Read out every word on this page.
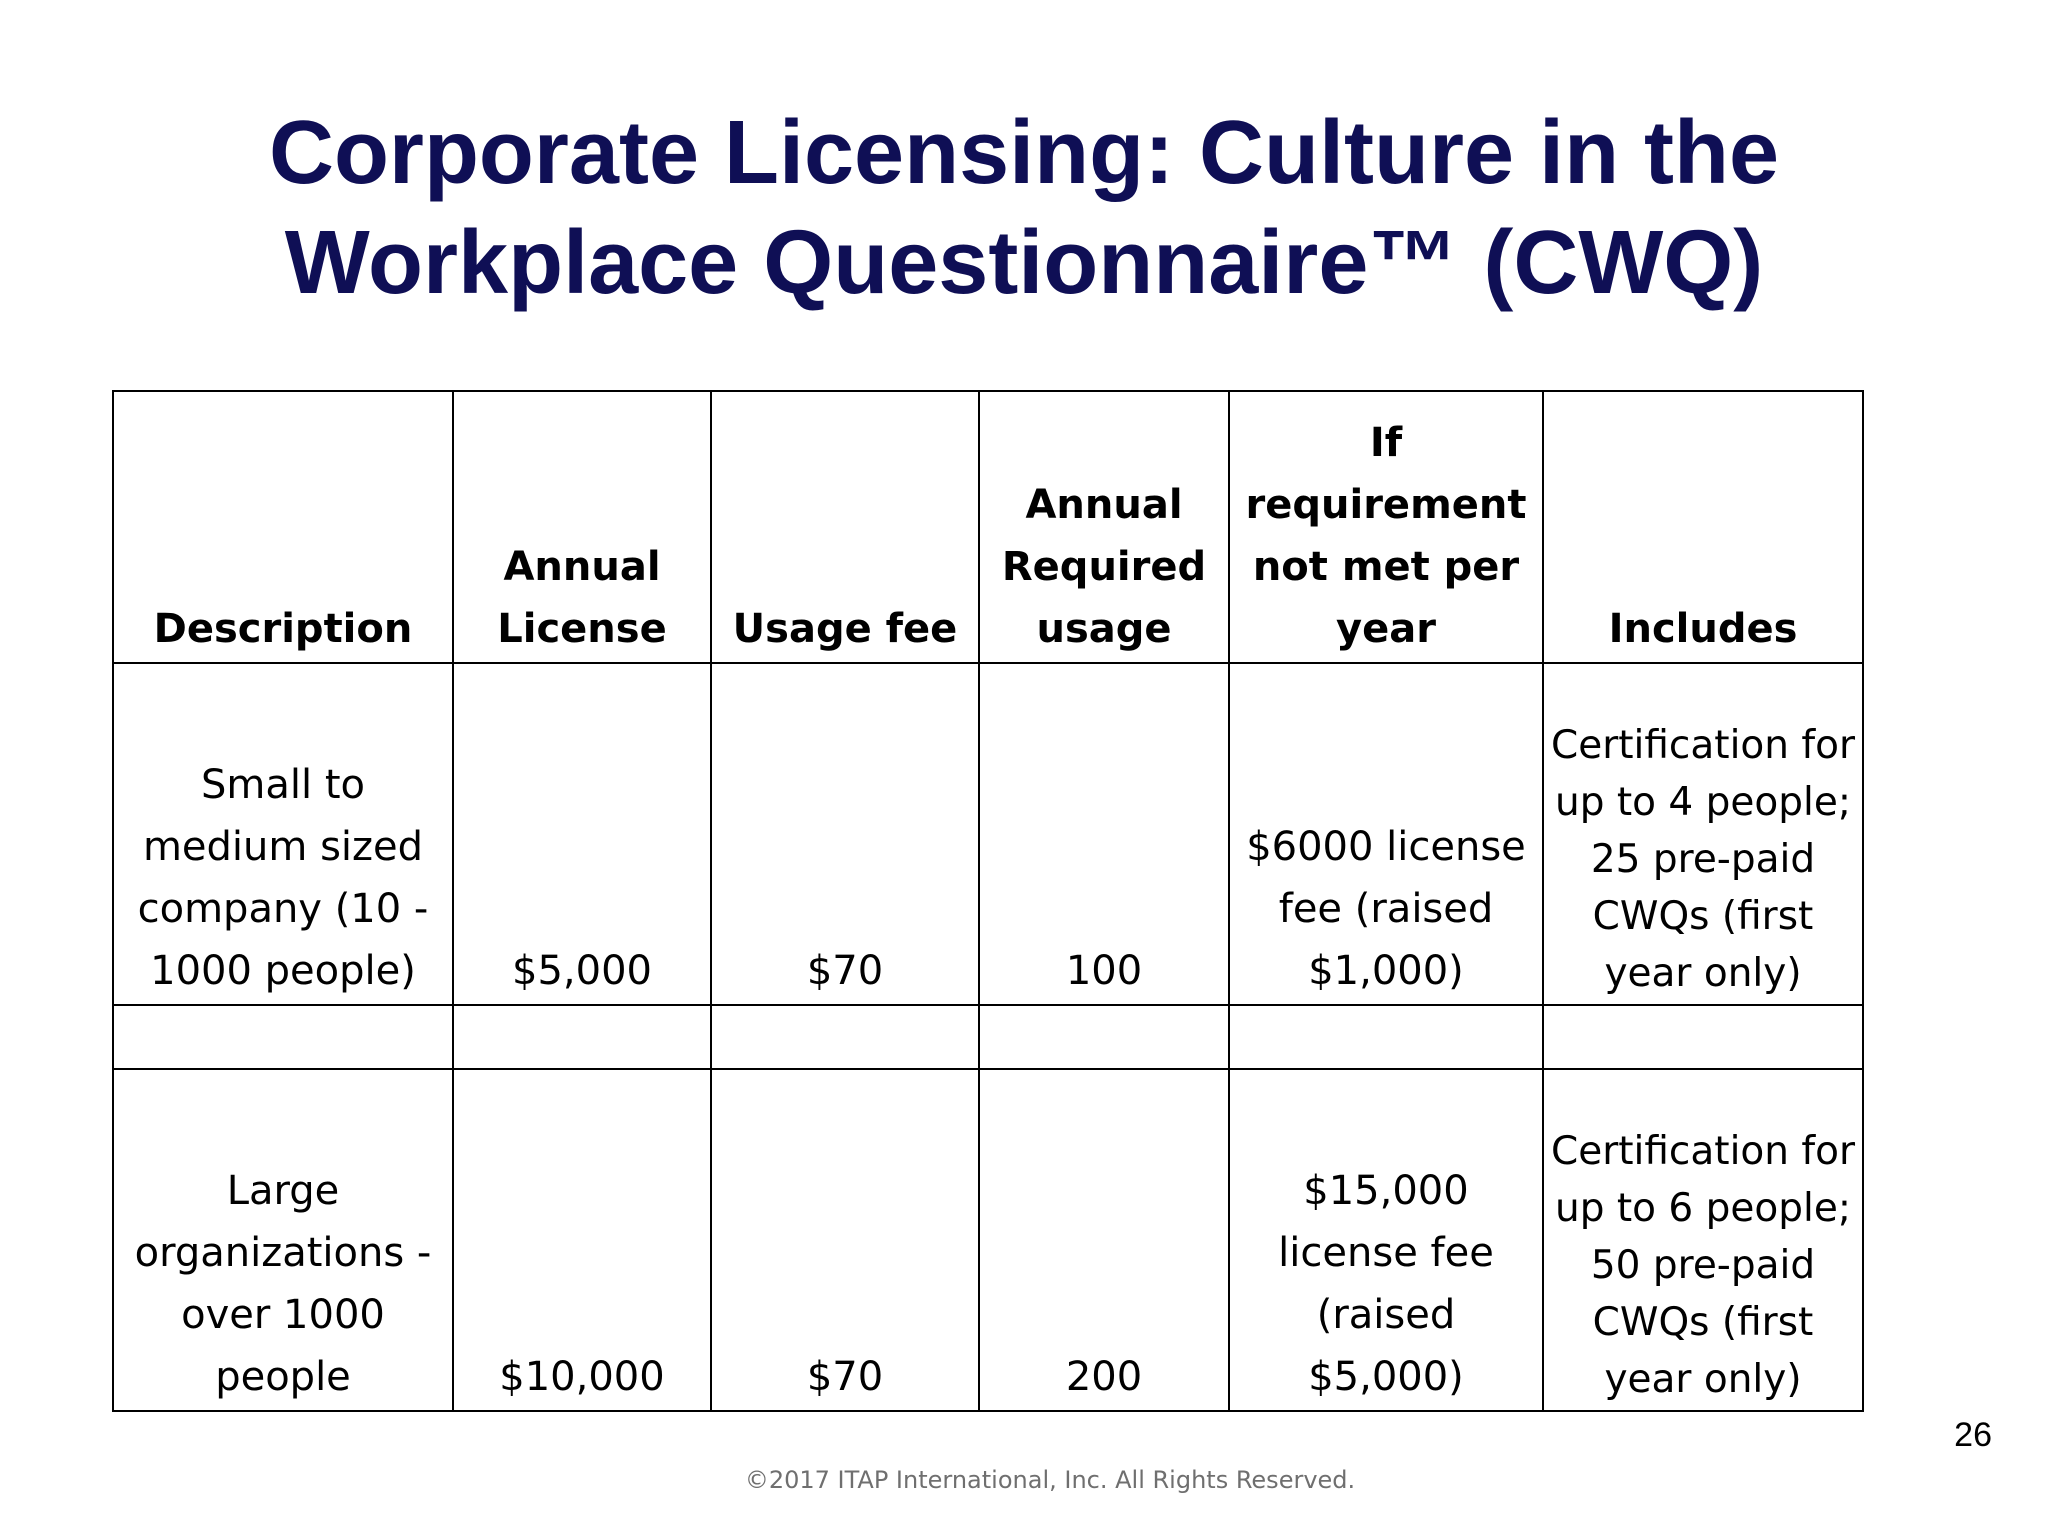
Corporate Licensing: Culture in the
Workplace Questionnaire™ (CWQ)
Description	Annual License	Usage fee	Annual Required usage	If requirement not met per year	Includes
Small to medium sized company (10 - 1000 people)	$5,000	$70	100	$6000 license fee (raised $1,000)	Certification for up to 4 people; 25 pre-paid CWQs (first year only)

Large organizations - over 1000 people	$10,000	$70	200	$15,000 license fee (raised $5,000)	Certification for up to 6 people; 50 pre-paid CWQs (first year only)
26
©2017 ITAP International, Inc. All Rights Reserved.
